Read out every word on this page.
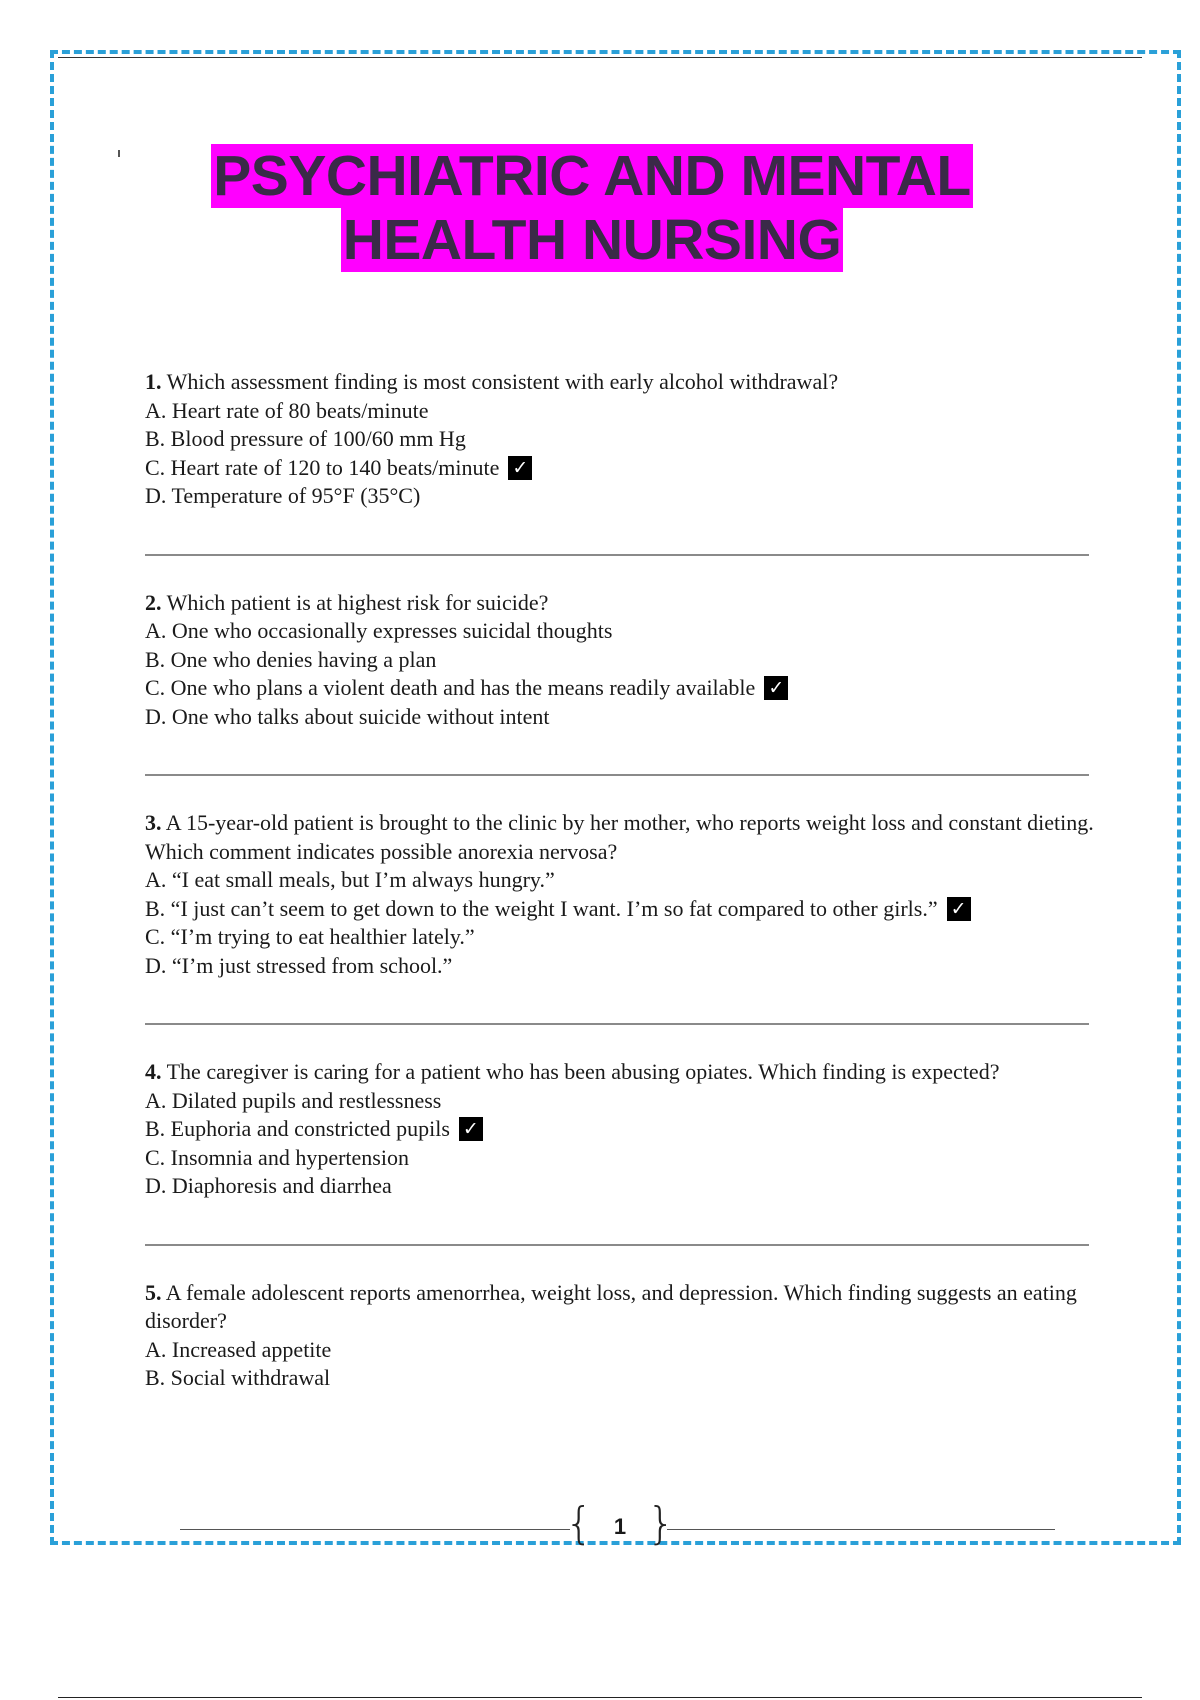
PSYCHIATRIC AND MENTAL
HEALTH NURSING
1. Which assessment finding is most consistent with early alcohol withdrawal?
A. Heart rate of 80 beats/minute
B. Blood pressure of 100/60 mm Hg
C. Heart rate of 120 to 140 beats/minute ✓
D. Temperature of 95°F (35°C)
2. Which patient is at highest risk for suicide?
A. One who occasionally expresses suicidal thoughts
B. One who denies having a plan
C. One who plans a violent death and has the means readily available ✓
D. One who talks about suicide without intent
3. A 15-year-old patient is brought to the clinic by her mother, who reports weight loss and constant dieting. Which comment indicates possible anorexia nervosa?
A. “I eat small meals, but I’m always hungry.”
B. “I just can’t seem to get down to the weight I want. I’m so fat compared to other girls.” ✓
C. “I’m trying to eat healthier lately.”
D. “I’m just stressed from school.”
4. The caregiver is caring for a patient who has been abusing opiates. Which finding is expected?
A. Dilated pupils and restlessness
B. Euphoria and constricted pupils ✓
C. Insomnia and hypertension
D. Diaphoresis and diarrhea
5. A female adolescent reports amenorrhea, weight loss, and depression. Which finding suggests an eating disorder?
A. Increased appetite
B. Social withdrawal
{ 1 }
